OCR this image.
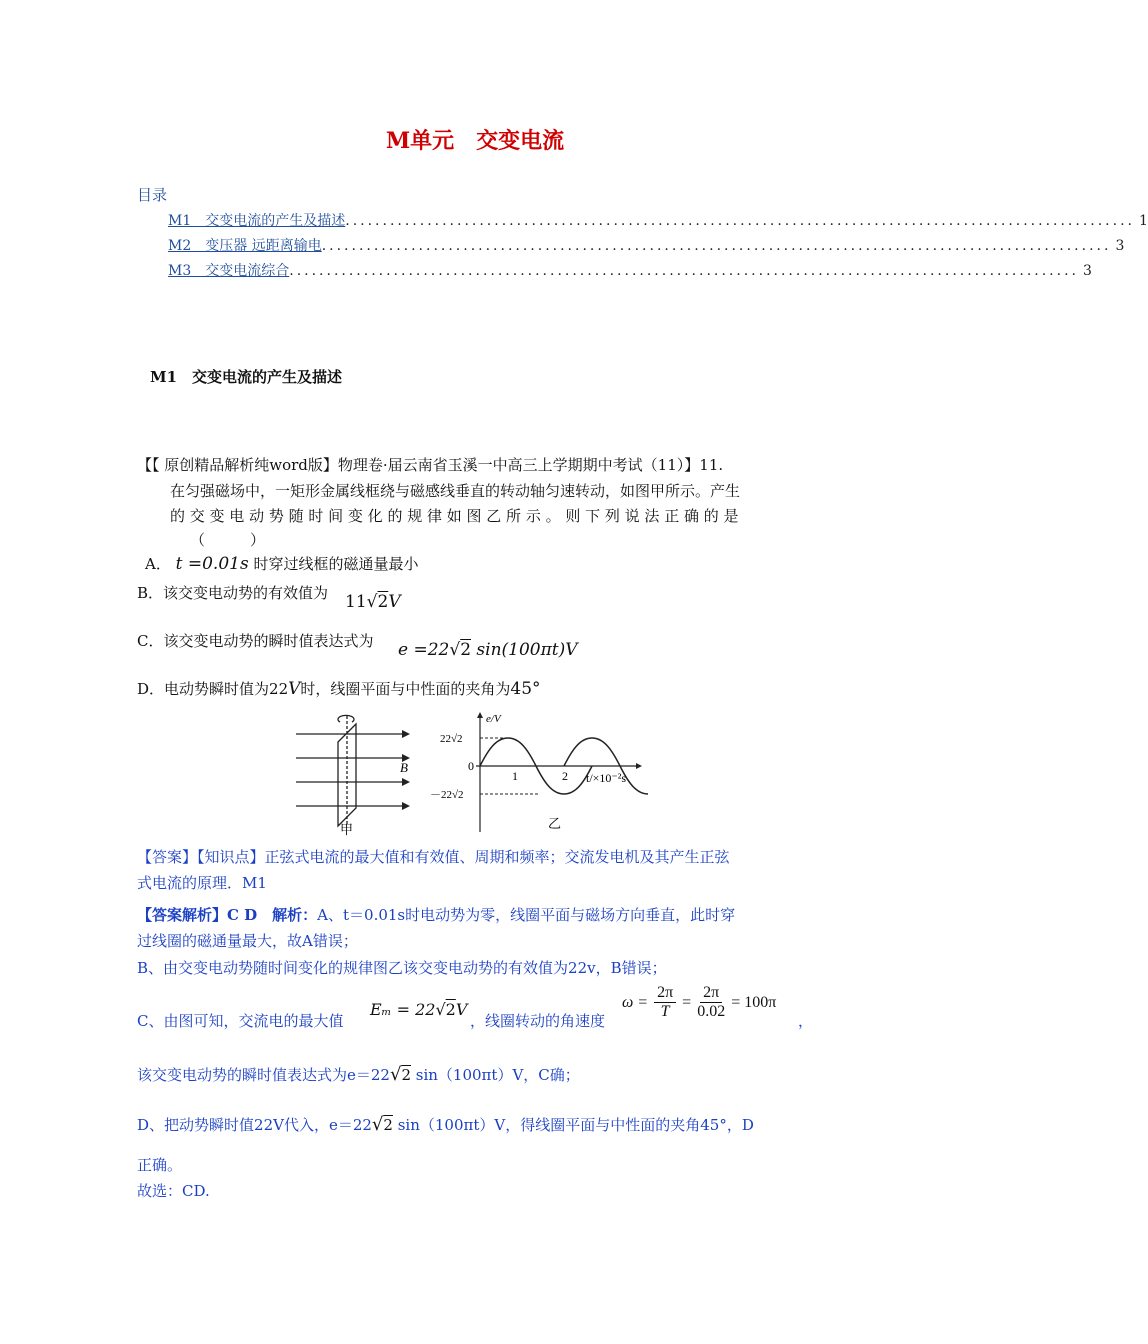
M单元　交变电流
目录
M1　交变电流的产生及描述 .......................................................................................................... 1
M2　变压器 远距离输电 .......................................................................................................... 3
M3　交变电流综合 .......................................................................................................... 3
M1　交变电流的产生及描述
【【 原创精品解析纯word版】物理卷·届云南省玉溪一中高三上学期期中考试（11）】11.
在匀强磁场中，一矩形金属线框绕与磁感线垂直的转动轴匀速转动，如图甲所示。产生
的 交 变 电 动 势 随 时 间 变 化 的 规 律 如 图 乙 所 示 。 则 下 列 说 法 正 确 的 是
（　　　）
A． t =0.01s 时穿过线框的磁通量最小
B．该交变电动势的有效值为 11√2V
C．该交变电动势的瞬时值表达式为 e =22√2 sin(100πt)V
D．电动势瞬时值为22V时，线圈平面与中性面的夹角为45°
B
甲
e/V
22√2
－22√2
0
1	2 t/×10⁻²s
乙
【答案】【知识点】正弦式电流的最大值和有效值、周期和频率；交流发电机及其产生正弦
式电流的原理．M1
【答案解析】C D　解析：A、t＝0.01s时电动势为零，线圈平面与磁场方向垂直，此时穿
过线圈的磁通量最大，故A错误；
B、由交变电动势随时间变化的规律图乙该交变电动势的有效值为22v，B错误；
C、由图可知，交流电的最大值
Eₘ = 22√2V
，线圈转动的角速度
$\omega = \frac{2\pi}{T} = \frac{2\pi}{0.02} = 100\pi$
，
该交变电动势的瞬时值表达式为e＝22√2 sin（100πt）V，C确；
D、把动势瞬时值22V代入，e＝22√2 sin（100πt）V，得线圈平面与中性面的夹角45°，D
正确。
故选：CD.
